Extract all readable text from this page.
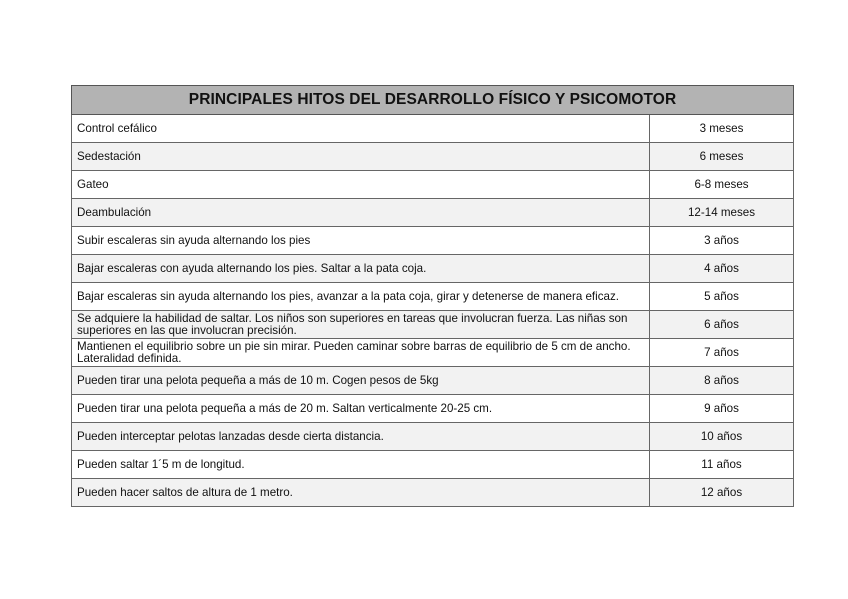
PRINCIPALES HITOS DEL DESARROLLO FÍSICO Y PSICOMOTOR	
Control cefálico	3 meses
Sedestación	6 meses
Gateo	6-8 meses
Deambulación	12-14 meses
Subir escaleras sin ayuda alternando los pies	3 años
Bajar escaleras con ayuda alternando los pies. Saltar a la pata coja.	4 años
Bajar escaleras sin ayuda alternando los pies, avanzar a la pata coja, girar y detenerse de manera eficaz.	5 años
Se adquiere la habilidad de saltar. Los niños son superiores en tareas que involucran fuerza. Las niñas son superiores en las que involucran precisión.	6 años
Mantienen el equilibrio sobre un pie sin mirar. Pueden caminar sobre barras de equilibrio de 5 cm de ancho. Lateralidad definida.	7 años
Pueden tirar una pelota pequeña a más de 10 m. Cogen pesos de 5kg	8 años
Pueden tirar una pelota pequeña a más de 20 m. Saltan verticalmente 20-25 cm.	9 años
Pueden interceptar pelotas lanzadas desde cierta distancia.	10 años
Pueden saltar 1´5 m de longitud.	11 años
Pueden hacer saltos de altura de 1 metro.	12 años
